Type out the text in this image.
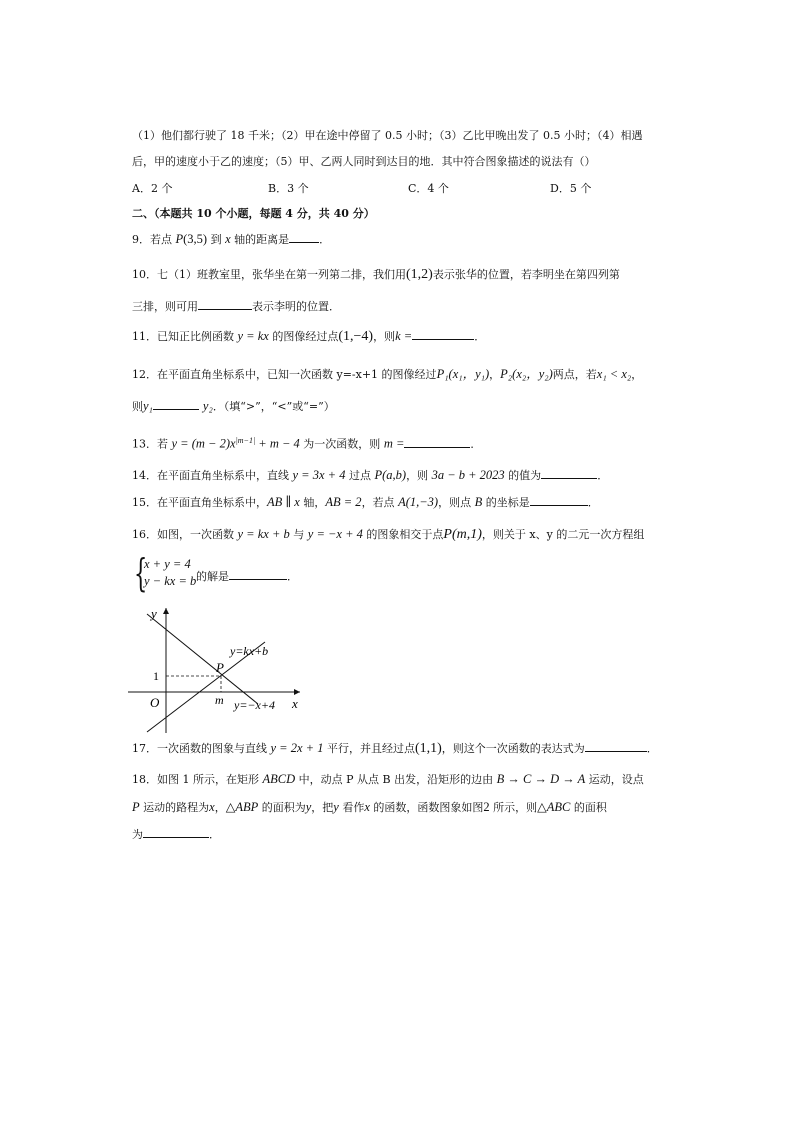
（1）他们都行驶了 18 千米；（2）甲在途中停留了 0.5 小时；（3）乙比甲晚出发了 0.5 小时；（4）相遇
后，甲的速度小于乙的速度；（5）甲、乙两人同时到达目的地．其中符合图象描述的说法有（）
A．2 个	B．3 个	C．4 个	D．5 个
二、（本题共 10 个小题，每题 4 分，共 40 分）
9．若点 P(3,5) 到 x 轴的距离是	．
10．七（1）班教室里，张华坐在第一列第二排，我们用(1,2)表示张华的位置，若李明坐在第四列第
三排，则可用	表示李明的位置．
11．已知正比例函数 y = kx 的图像经过点(1,−4)，则k =	．
12．在平面直角坐标系中，已知一次函数 y=-x+1 的图像经过P₁(x₁，y₁)，P₂(x₂，y₂)两点，若x₁ < x₂，
则y₁	y₂．（填“>”，“<”或“=”）
13．若 $y = (m - 2)x^{|m-1|} + m - 4$ 为一次函数，则 m =	．
14．在平面直角坐标系中，直线 y = 3x + 4 过点 P(a,b)，则 3a − b + 2023 的值为	．
15．在平面直角坐标系中，AB ∥ x 轴，AB = 2，若点 A(1,−3)，则点 B 的坐标是	．
16．如图，一次函数 y = kx + b 与 y = −x + 4 的图象相交于点P(m,1)，则关于 x、y 的二元一次方程组
{
x + y = 4
y − kx = b 的解是	．
y
x
O
1
m
P
y=kx+b
y=−x+4
17．一次函数的图象与直线 y = 2x + 1 平行，并且经过点(1,1)，则这个一次函数的表达式为	．
18．如图 1 所示，在矩形 ABCD 中，动点 P 从点 B 出发，沿矩形的边由 B → C → D → A 运动，设点
P 运动的路程为x，△ABP 的面积为y，把y 看作x 的函数，函数图象如图2 所示，则△ABC 的面积
为	．
